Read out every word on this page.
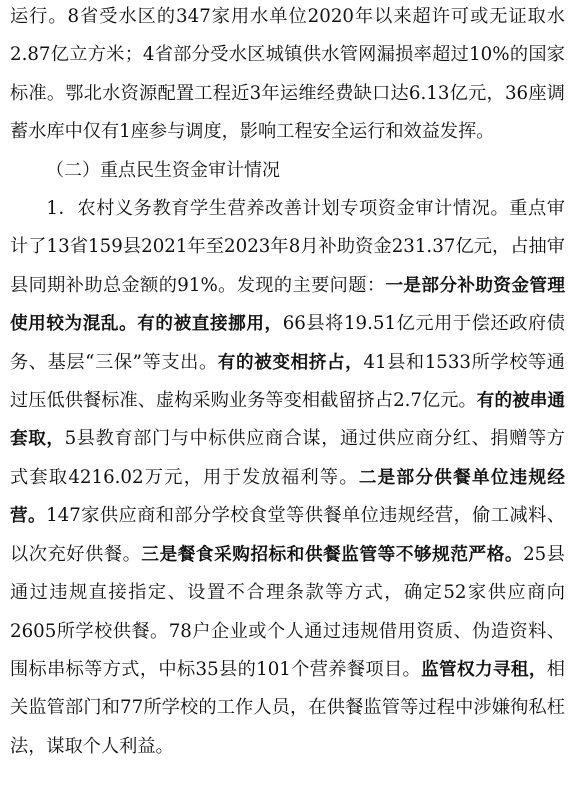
运行。8省受水区的347家用水单位2020年以来超许可或无证取水2.87亿立方米；4省部分受水区城镇供水管网漏损率超过10%的国家标准。鄂北水资源配置工程近3年运维经费缺口达6.13亿元，36座调蓄水库中仅有1座参与调度，影响工程安全运行和效益发挥。

（二）重点民生资金审计情况

1．农村义务教育学生营养改善计划专项资金审计情况。重点审计了13省159县2021年至2023年8月补助资金231.37亿元，占抽审县同期补助总金额的91%。发现的主要问题：一是部分补助资金管理使用较为混乱。有的被直接挪用，66县将19.51亿元用于偿还政府债务、基层“三保”等支出。有的被变相挤占，41县和1533所学校等通过压低供餐标准、虚构采购业务等变相截留挤占2.7亿元。有的被串通套取，5县教育部门与中标供应商合谋，通过供应商分红、捐赠等方式套取4216.02万元，用于发放福利等。二是部分供餐单位违规经营。147家供应商和部分学校食堂等供餐单位违规经营，偷工减料、以次充好供餐。三是餐食采购招标和供餐监管等不够规范严格。25县通过违规直接指定、设置不合理条款等方式，确定52家供应商向2605所学校供餐。78户企业或个人通过违规借用资质、伪造资料、围标串标等方式，中标35县的101个营养餐项目。监管权力寻租，相关监管部门和77所学校的工作人员，在供餐监管等过程中涉嫌徇私枉法，谋取个人利益。
